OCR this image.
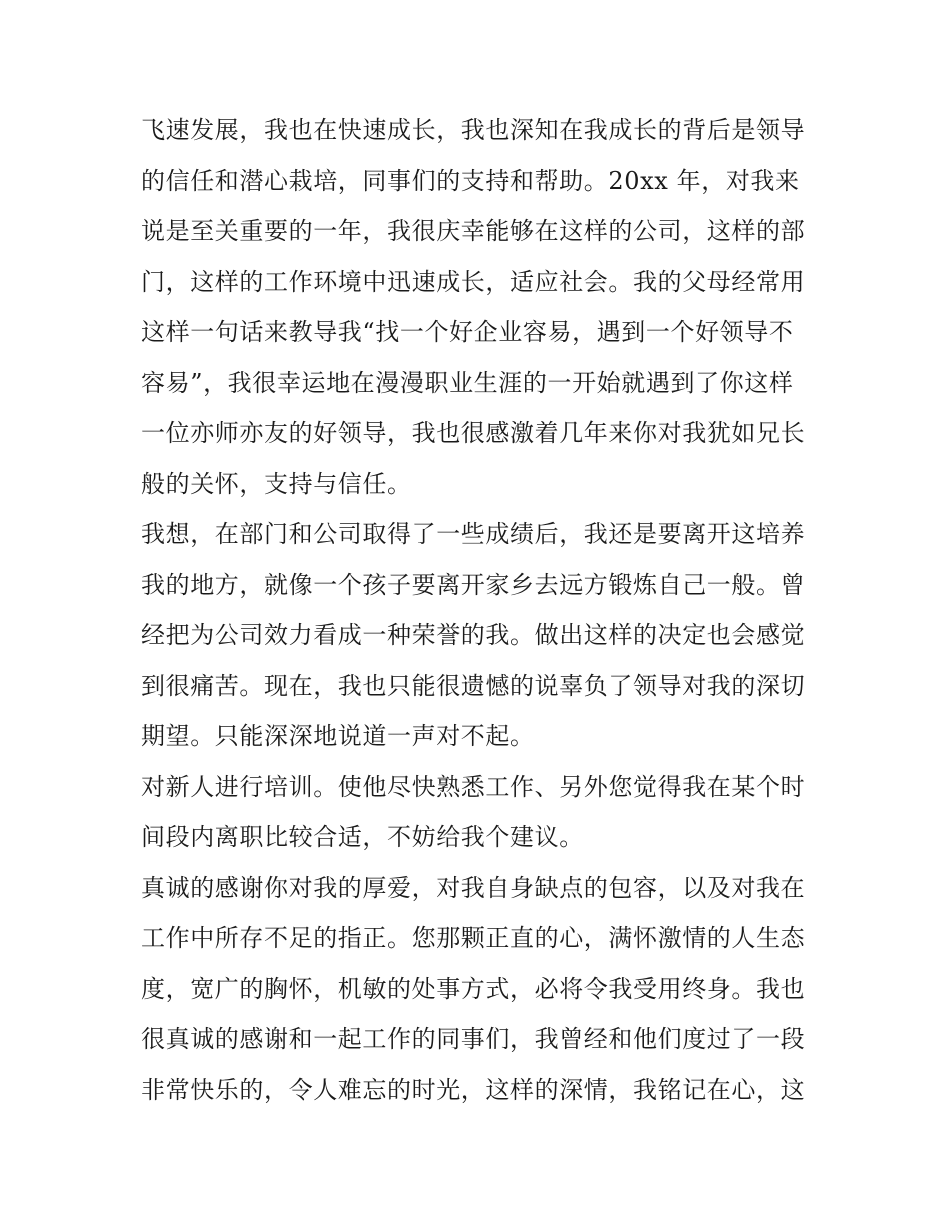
飞速发展，我也在快速成长，我也深知在我成长的背后是领导
的信任和潜心栽培，同事们的支持和帮助。20xx 年，对我来
说是至关重要的一年，我很庆幸能够在这样的公司，这样的部
门，这样的工作环境中迅速成长，适应社会。我的父母经常用
这样一句话来教导我“找一个好企业容易，遇到一个好领导不
容易”，我很幸运地在漫漫职业生涯的一开始就遇到了你这样
一位亦师亦友的好领导，我也很感激着几年来你对我犹如兄长
般的关怀，支持与信任。
我想，在部门和公司取得了一些成绩后，我还是要离开这培养
我的地方，就像一个孩子要离开家乡去远方锻炼自己一般。曾
经把为公司效力看成一种荣誉的我。做出这样的决定也会感觉
到很痛苦。现在，我也只能很遗憾的说辜负了领导对我的深切
期望。只能深深地说道一声对不起。
对新人进行培训。使他尽快熟悉工作、另外您觉得我在某个时
间段内离职比较合适，不妨给我个建议。
真诚的感谢你对我的厚爱，对我自身缺点的包容，以及对我在
工作中所存不足的指正。您那颗正直的心，满怀激情的人生态
度，宽广的胸怀，机敏的处事方式，必将令我受用终身。我也
很真诚的感谢和一起工作的同事们，我曾经和他们度过了一段
非常快乐的，令人难忘的时光，这样的深情，我铭记在心，这
